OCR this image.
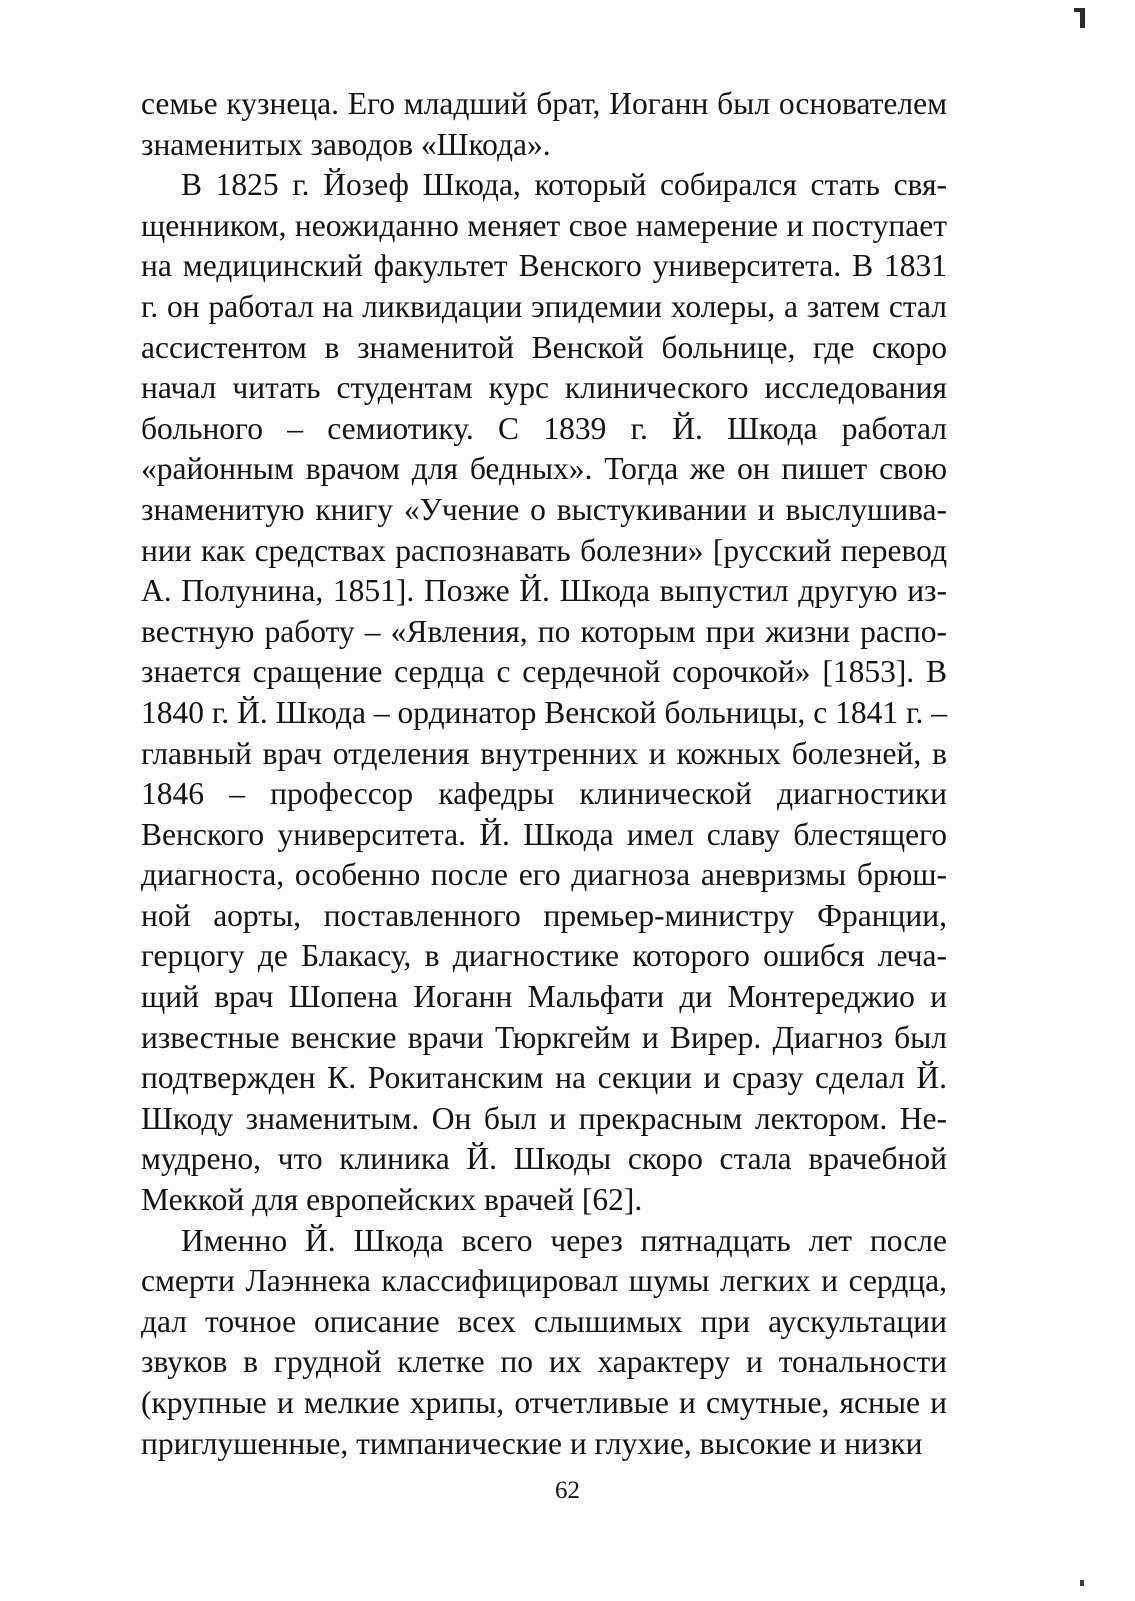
семье кузнеца. Его младший брат, Иоганн был основателем знаменитых заводов «Шкода».

В 1825 г. Йозеф Шкода, который собирался стать священником, неожиданно меняет свое намерение и поступает на медицинский факультет Венского университета. В 1831 г. он работал на ликвидации эпидемии холеры, а затем стал ассистентом в знаменитой Венской больнице, где скоро начал читать студентам курс клинического исследования больного – семиотику. С 1839 г. Й. Шкода работал «районным врачом для бедных». Тогда же он пишет свою знаменитую книгу «Учение о выстукивании и выслушивании как средствах распознавать болезни» [русский перевод А. Полунина, 1851]. Позже Й. Шкода выпустил другую известную работу – «Явления, по которым при жизни распознается сращение сердца с сердечной сорочкой» [1853]. В 1840 г. Й. Шкода – ординатор Венской больницы, с 1841 г. – главный врач отделения внутренних и кожных болезней, в 1846 – профессор кафедры клинической диагностики Венского университета. Й. Шкода имел славу блестящего диагноста, особенно после его диагноза аневризмы брюшной аорты, поставленного премьер-министру Франции, герцогу де Блакасу, в диагностике которого ошибся лечащий врач Шопена Иоганн Мальфати ди Монтереджио и известные венские врачи Тюркгейм и Вирер. Диагноз был подтвержден К. Рокитанским на секции и сразу сделал Й. Шкоду знаменитым. Он был и прекрасным лектором. Немудрено, что клиника Й. Шкоды скоро стала врачебной Меккой для европейских врачей [62].

Именно Й. Шкода всего через пятнадцать лет после смерти Лаэннека классифицировал шумы легких и сердца, дал точное описание всех слышимых при аускультации звуков в грудной клетке по их характеру и тональности (крупные и мелкие хрипы, отчетливые и смутные, ясные и приглушенные, тимпанические и глухие, высокие и низки

62
